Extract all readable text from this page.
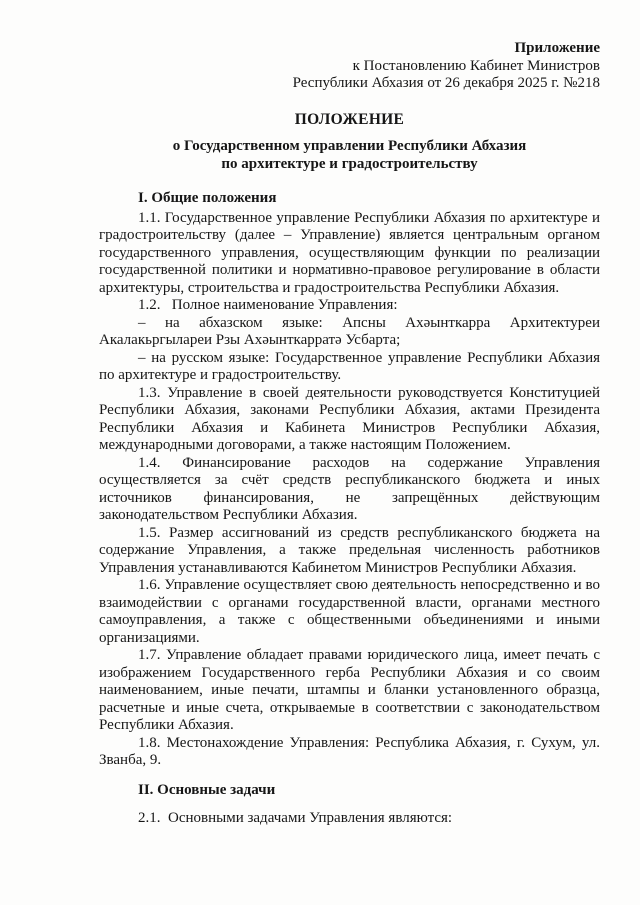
Приложение
к Постановлению Кабинет Министров
Республики Абхазия от 26 декабря 2025 г. №218
ПОЛОЖЕНИЕ
о Государственном управлении Республики Абхазия
по архитектуре и градостроительству
I. Общие положения

1.1. Государственное управление Республики Абхазия по архитектуре и градостроительству (далее – Управление) является центральным органом государственного управления, осуществляющим функции по реализации государственной политики и нормативно-правовое регулирование в области архитектуры, строительства и градостроительства Республики Абхазия.

1.2.   Полное наименование Управления:

– на абхазском языке: Апсны Ахәынткарра Архитектуреи Акалакьргылареи Рзы Ахәынткарратә Усбарта;

– на русском языке: Государственное управление Республики Абхазия по архитектуре и градостроительству.

1.3. Управление в своей деятельности руководствуется Конституцией Республики Абхазия, законами Республики Абхазия, актами Президента Республики Абхазия и Кабинета Министров Республики Абхазия, международными договорами, а также настоящим Положением.

1.4. Финансирование расходов на содержание Управления осуществляется за счёт средств республиканского бюджета и иных источников финансирования, не запрещённых действующим законодательством Республики Абхазия.

1.5. Размер ассигнований из средств республиканского бюджета на содержание Управления, а также предельная численность работников Управления устанавливаются Кабинетом Министров Республики Абхазия.

1.6. Управление осуществляет свою деятельность непосредственно и во взаимодействии с органами государственной власти, органами местного самоуправления, а также с общественными объединениями и иными организациями.

1.7. Управление обладает правами юридического лица, имеет печать с изображением Государственного герба Республики Абхазия и со своим наименованием, иные печати, штампы и бланки установленного образца, расчетные и иные счета, открываемые в соответствии с законодательством Республики Абхазия.

1.8. Местонахождение Управления: Республика Абхазия, г. Сухум, ул. Званба, 9.

II. Основные задачи

2.1.  Основными задачами Управления являются:
